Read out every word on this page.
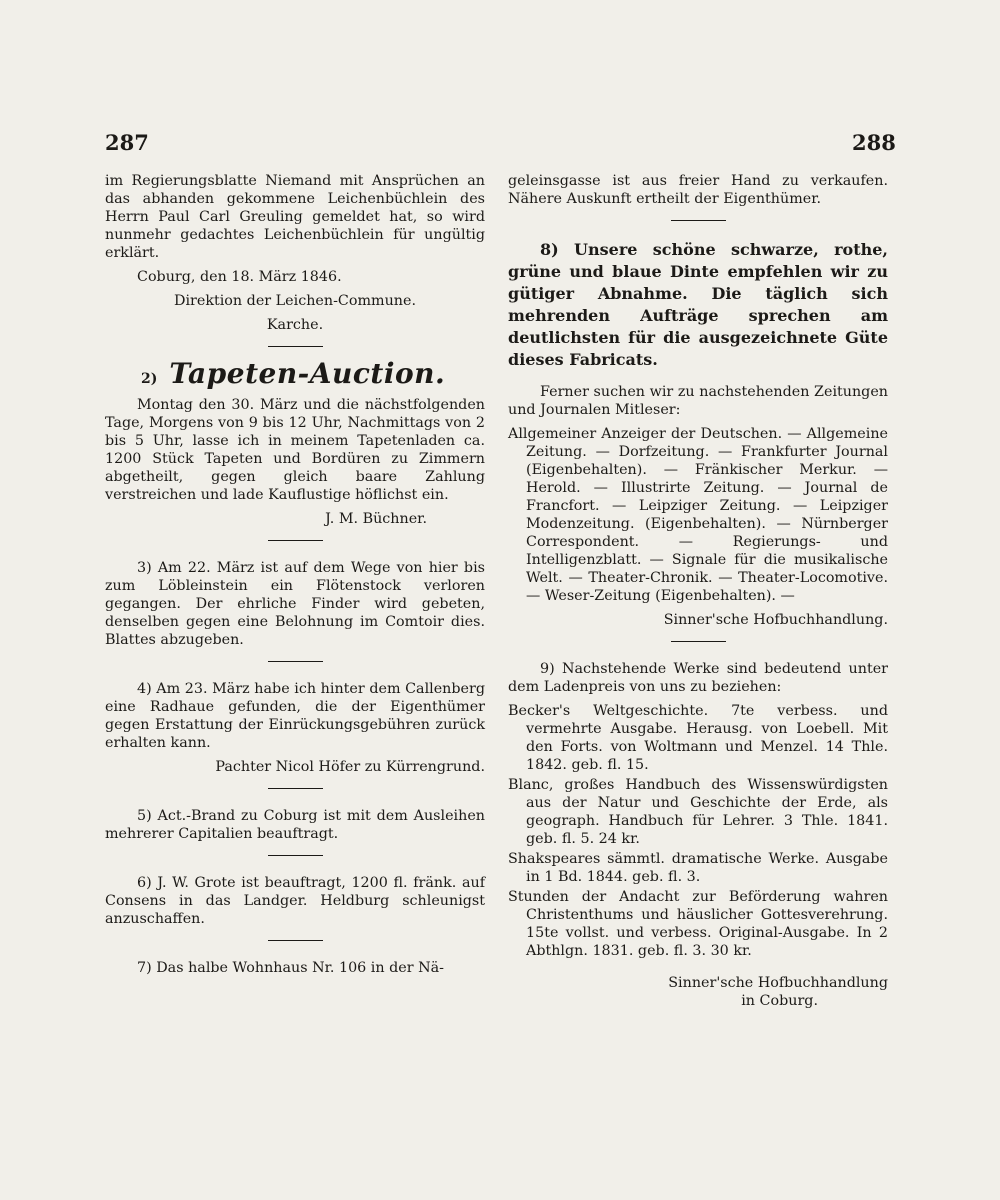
287	288

im Regierungsblatte Niemand mit Ansprüchen an das abhanden gekommene Leichenbüchlein des Herrn Paul Carl Greuling gemeldet hat, so wird nunmehr gedachtes Leichenbüchlein für ungültig erklärt.

Coburg, den 18. März 1846.

Direktion der Leichen-Commune.

Karche.

2) Tapeten-Auction.

Montag den 30. März und die nächstfolgenden Tage, Morgens von 9 bis 12 Uhr, Nachmittags von 2 bis 5 Uhr, lasse ich in meinem Tapetenladen ca. 1200 Stück Tapeten und Bordüren zu Zimmern abgetheilt, gegen gleich baare Zahlung verstreichen und lade Kauflustige höflichst ein.

J. M. Büchner.

3) Am 22. März ist auf dem Wege von hier bis zum Löbleinstein ein Flötenstock verloren gegangen. Der ehrliche Finder wird gebeten, denselben gegen eine Belohnung im Comtoir dies. Blattes abzugeben.

4) Am 23. März habe ich hinter dem Callenberg eine Radhaue gefunden, die der Eigenthümer gegen Erstattung der Einrückungsgebühren zurück erhalten kann.

Pachter Nicol Höfer zu Kürrengrund.

5) Act.-Brand zu Coburg ist mit dem Ausleihen mehrerer Capitalien beauftragt.

6) J. W. Grote ist beauftragt, 1200 fl. fränk. auf Consens in das Landger. Heldburg schleunigst anzuschaffen.

7) Das halbe Wohnhaus Nr. 106 in der Nä-

geleinsgasse ist aus freier Hand zu verkaufen. Nähere Auskunft ertheilt der Eigenthümer.

8) Unsere schöne schwarze, rothe, grüne und blaue Dinte empfehlen wir zu gütiger Abnahme. Die täglich sich mehrenden Aufträge sprechen am deutlichsten für die ausgezeichnete Güte dieses Fabricats.

Ferner suchen wir zu nachstehenden Zeitungen und Journalen Mitleser:

Allgemeiner Anzeiger der Deutschen. — Allgemeine Zeitung. — Dorfzeitung. — Frankfurter Journal (Eigenbehalten). — Fränkischer Merkur. — Herold. — Illustrirte Zeitung. — Journal de Francfort. — Leipziger Zeitung. — Leipziger Modenzeitung. (Eigenbehalten). — Nürnberger Correspondent. — Regierungs- und Intelligenzblatt. — Signale für die musikalische Welt. — Theater-Chronik. — Theater-Locomotive. — Weser-Zeitung (Eigenbehalten). —

Sinner'sche Hofbuchhandlung.

9) Nachstehende Werke sind bedeutend unter dem Ladenpreis von uns zu beziehen:

Becker's Weltgeschichte. 7te verbess. und vermehrte Ausgabe. Herausg. von Loebell. Mit den Forts. von Woltmann und Menzel. 14 Thle. 1842. geb. fl. 15.

Blanc, großes Handbuch des Wissenswürdigsten aus der Natur und Geschichte der Erde, als geograph. Handbuch für Lehrer. 3 Thle. 1841. geb. fl. 5. 24 kr.

Shakspeares sämmtl. dramatische Werke. Ausgabe in 1 Bd. 1844. geb. fl. 3.

Stunden der Andacht zur Beförderung wahren Christenthums und häuslicher Gottesverehrung. 15te vollst. und verbess. Original-Ausgabe. In 2 Abthlgn. 1831. geb. fl. 3. 30 kr.

Sinner'sche Hofbuchhandlung

in Coburg.
